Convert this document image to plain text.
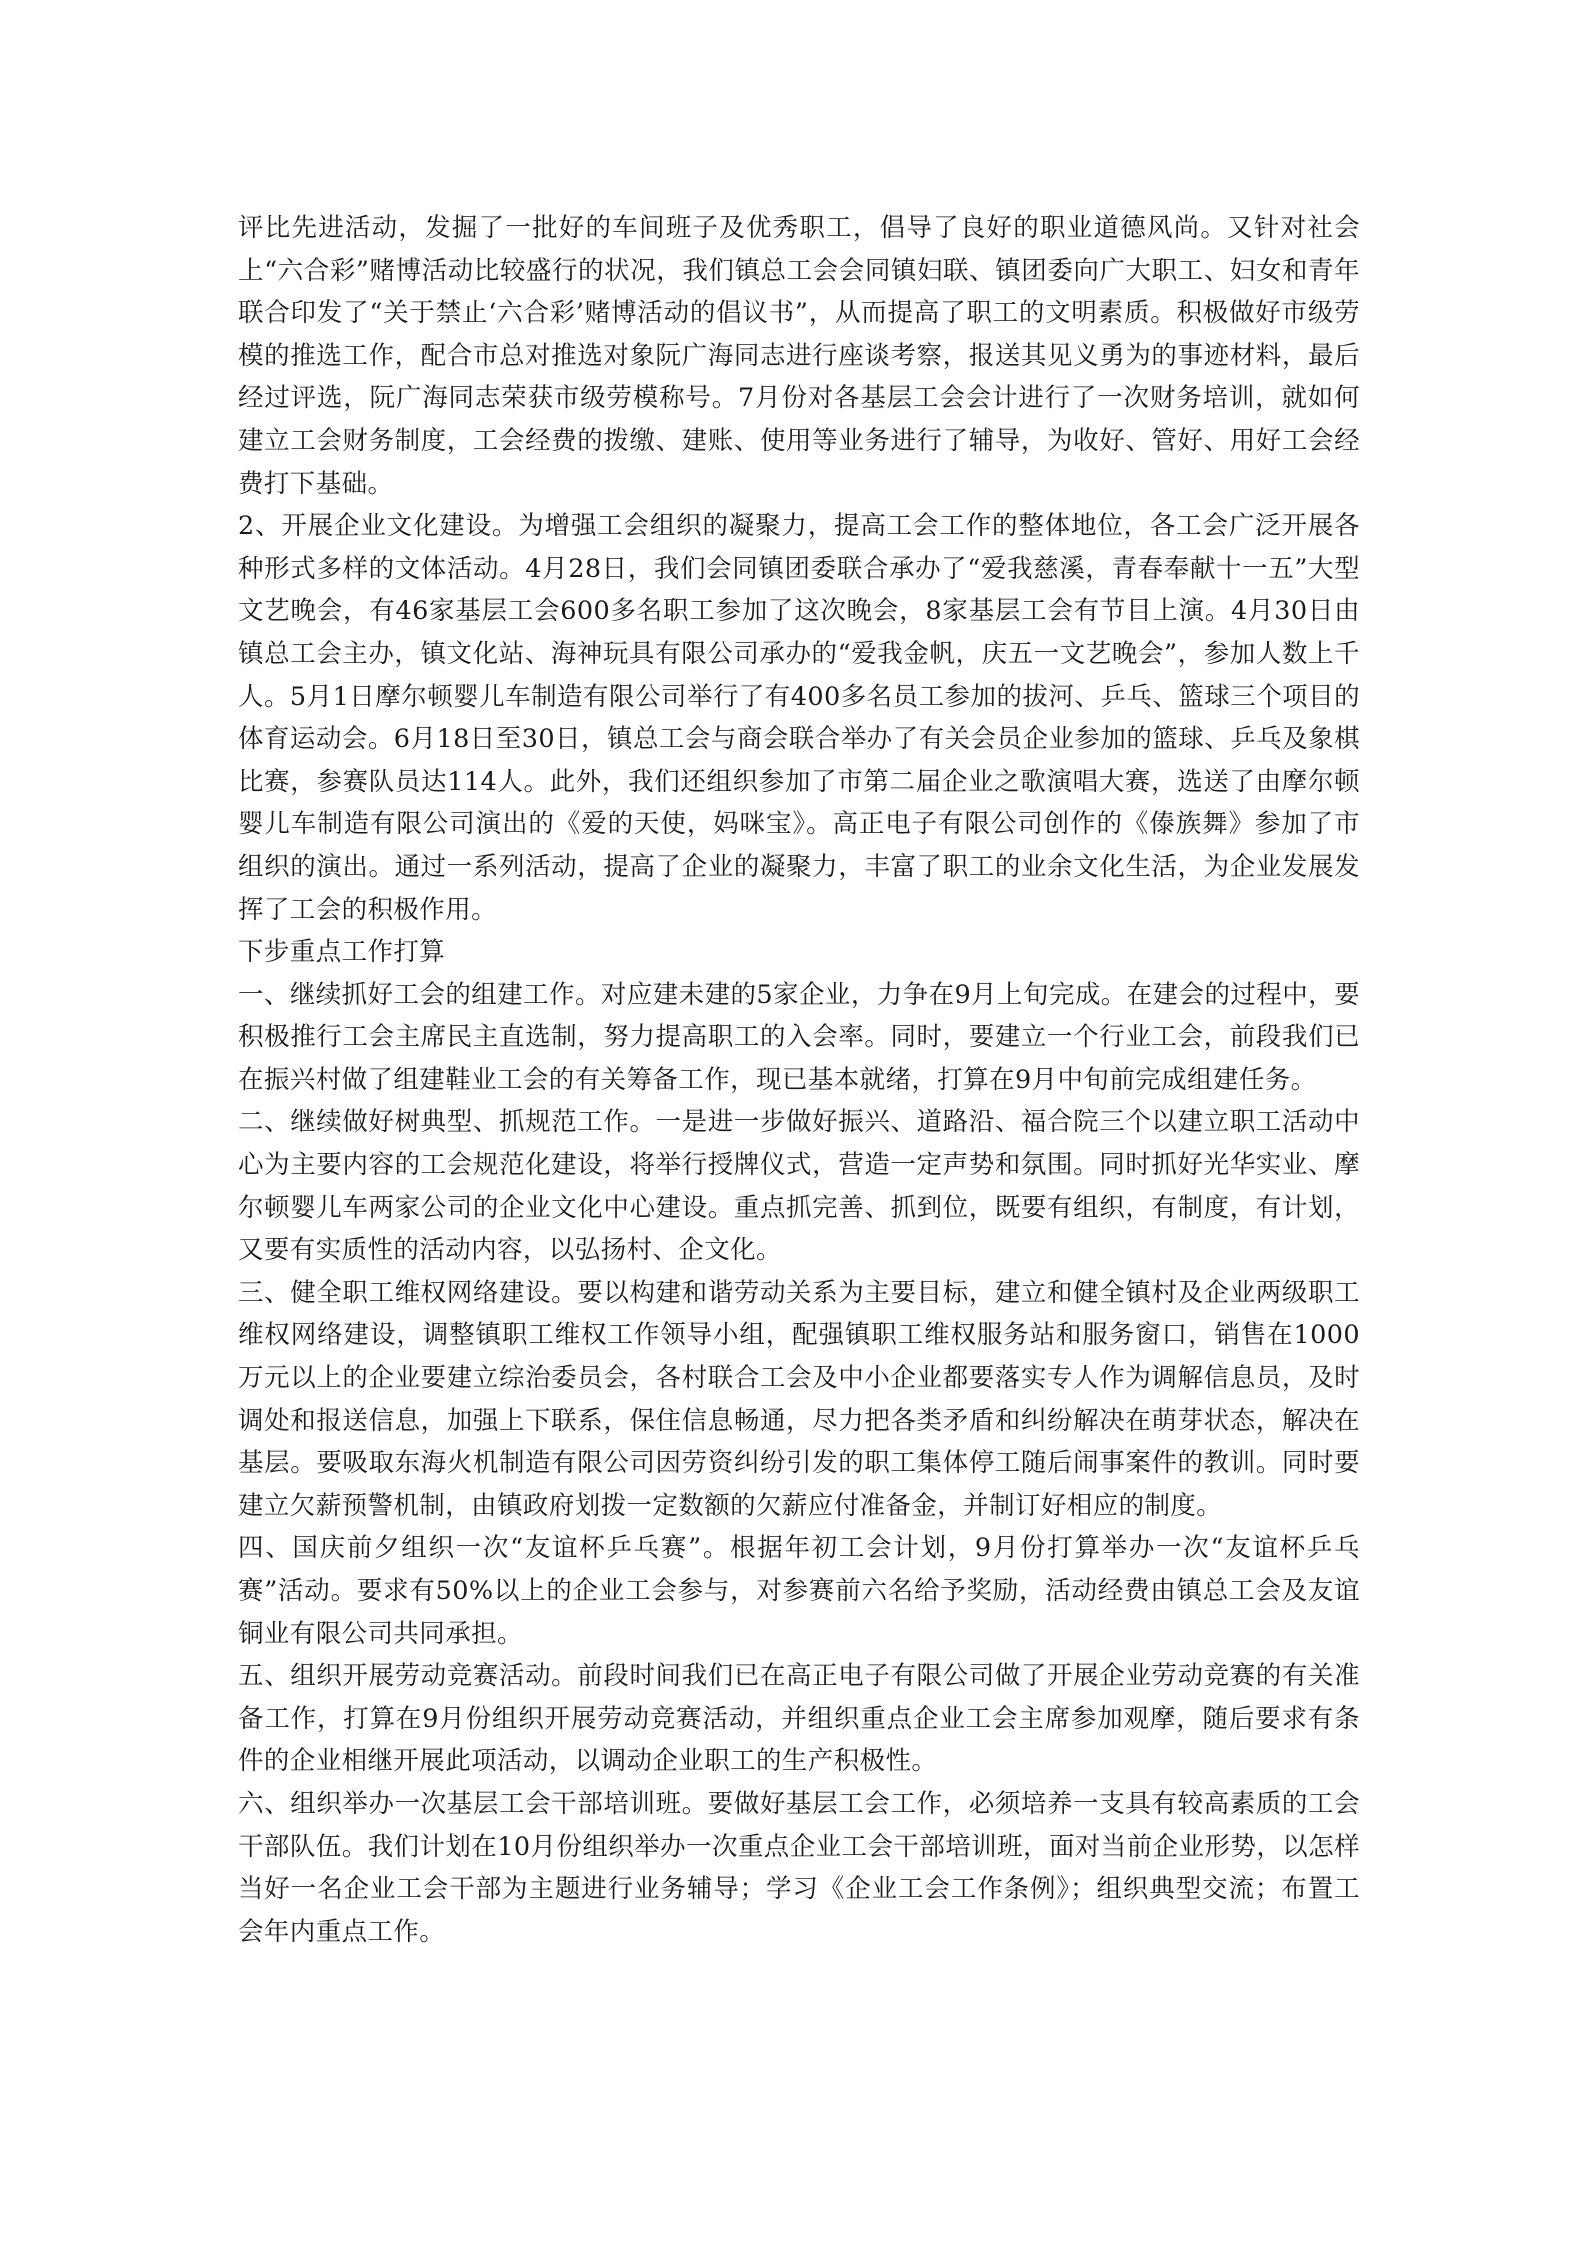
评比先进活动，发掘了一批好的车间班子及优秀职工，倡导了良好的职业道德风尚。又针对社会上“六合彩”赌博活动比较盛行的状况，我们镇总工会会同镇妇联、镇团委向广大职工、妇女和青年联合印发了“关于禁止‘六合彩’赌博活动的倡议书”，从而提高了职工的文明素质。积极做好市级劳模的推选工作，配合市总对推选对象阮广海同志进行座谈考察，报送其见义勇为的事迹材料，最后经过评选，阮广海同志荣获市级劳模称号。7月份对各基层工会会计进行了一次财务培训，就如何建立工会财务制度，工会经费的拨缴、建账、使用等业务进行了辅导，为收好、管好、用好工会经费打下基础。

2、开展企业文化建设。为增强工会组织的凝聚力，提高工会工作的整体地位，各工会广泛开展各种形式多样的文体活动。4月28日，我们会同镇团委联合承办了“爱我慈溪，青春奉献十一五”大型文艺晚会，有46家基层工会600多名职工参加了这次晚会，8家基层工会有节目上演。4月30日由镇总工会主办，镇文化站、海神玩具有限公司承办的“爱我金帆，庆五一文艺晚会”，参加人数上千人。5月1日摩尔顿婴儿车制造有限公司举行了有400多名员工参加的拔河、乒乓、篮球三个项目的体育运动会。6月18日至30日，镇总工会与商会联合举办了有关会员企业参加的篮球、乒乓及象棋比赛，参赛队员达114人。此外，我们还组织参加了市第二届企业之歌演唱大赛，选送了由摩尔顿婴儿车制造有限公司演出的《爱的天使，妈咪宝》。高正电子有限公司创作的《傣族舞》参加了市组织的演出。通过一系列活动，提高了企业的凝聚力，丰富了职工的业余文化生活，为企业发展发挥了工会的积极作用。

下步重点工作打算

一、继续抓好工会的组建工作。对应建未建的5家企业，力争在9月上旬完成。在建会的过程中，要积极推行工会主席民主直选制，努力提高职工的入会率。同时，要建立一个行业工会，前段我们已在振兴村做了组建鞋业工会的有关筹备工作，现已基本就绪，打算在9月中旬前完成组建任务。

二、继续做好树典型、抓规范工作。一是进一步做好振兴、道路沿、福合院三个以建立职工活动中心为主要内容的工会规范化建设，将举行授牌仪式，营造一定声势和氛围。同时抓好光华实业、摩尔顿婴儿车两家公司的企业文化中心建设。重点抓完善、抓到位，既要有组织，有制度，有计划，又要有实质性的活动内容，以弘扬村、企文化。

三、健全职工维权网络建设。要以构建和谐劳动关系为主要目标，建立和健全镇村及企业两级职工维权网络建设，调整镇职工维权工作领导小组，配强镇职工维权服务站和服务窗口，销售在1000万元以上的企业要建立综治委员会，各村联合工会及中小企业都要落实专人作为调解信息员，及时调处和报送信息，加强上下联系，保住信息畅通，尽力把各类矛盾和纠纷解决在萌芽状态，解决在基层。要吸取东海火机制造有限公司因劳资纠纷引发的职工集体停工随后闹事案件的教训。同时要建立欠薪预警机制，由镇政府划拨一定数额的欠薪应付准备金，并制订好相应的制度。

四、国庆前夕组织一次“友谊杯乒乓赛”。根据年初工会计划，9月份打算举办一次“友谊杯乒乓赛”活动。要求有50%以上的企业工会参与，对参赛前六名给予奖励，活动经费由镇总工会及友谊铜业有限公司共同承担。

五、组织开展劳动竞赛活动。前段时间我们已在高正电子有限公司做了开展企业劳动竞赛的有关准备工作，打算在9月份组织开展劳动竞赛活动，并组织重点企业工会主席参加观摩，随后要求有条件的企业相继开展此项活动，以调动企业职工的生产积极性。

六、组织举办一次基层工会干部培训班。要做好基层工会工作，必须培养一支具有较高素质的工会干部队伍。我们计划在10月份组织举办一次重点企业工会干部培训班，面对当前企业形势，以怎样当好一名企业工会干部为主题进行业务辅导；学习《企业工会工作条例》；组织典型交流；布置工会年内重点工作。
